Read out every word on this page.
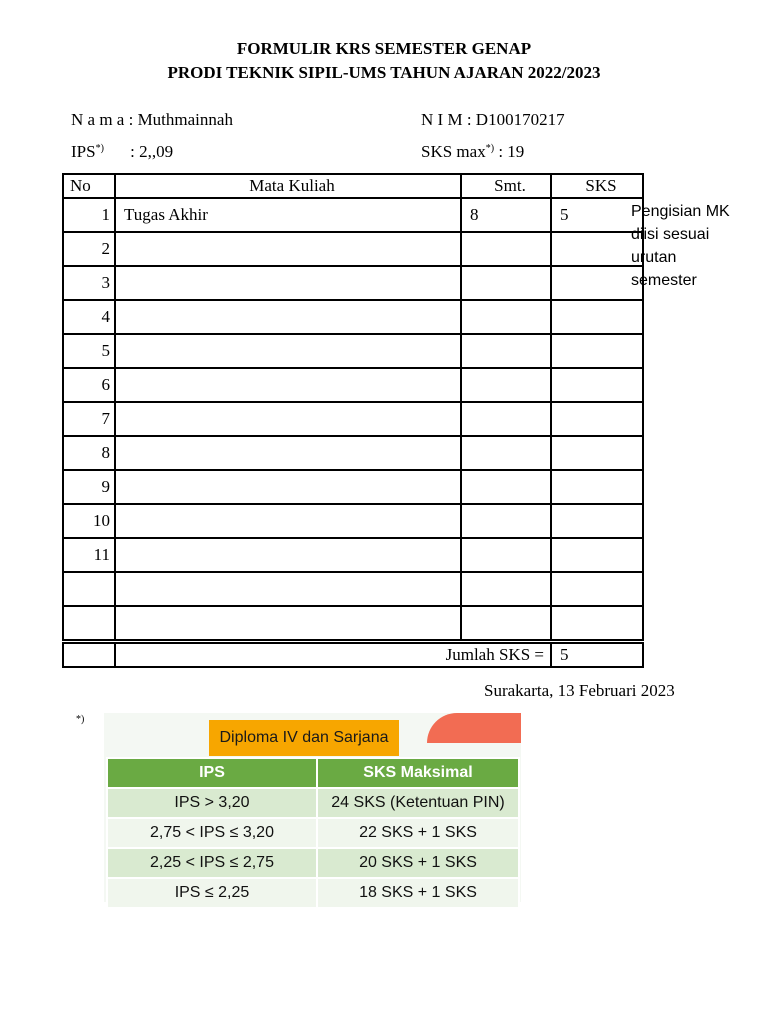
FORMULIR KRS SEMESTER GENAP
PRODI TEKNIK SIPIL-UMS TAHUN AJARAN 2022/2023
N a m a : Muthmainnah	N I M : D100170217
IPS*) : 2,,09	SKS max*) : 19
No	Mata Kuliah	Smt.	SKS
1	Tugas Akhir	8	5
2			
3			
4			
5			
6			
7			
8			
9			
10			
11			

	Jumlah SKS =		5
Pengisian MK diisi sesuai urutan semester
Surakarta, 13 Februari 2023
*)
Diploma IV dan Sarjana
IPS	SKS Maksimal
IPS > 3,20	24 SKS (Ketentuan PIN)
2,75 < IPS ≤ 3,20	22 SKS + 1 SKS
2,25 < IPS ≤ 2,75	20 SKS + 1 SKS
IPS ≤ 2,25	18 SKS + 1 SKS
